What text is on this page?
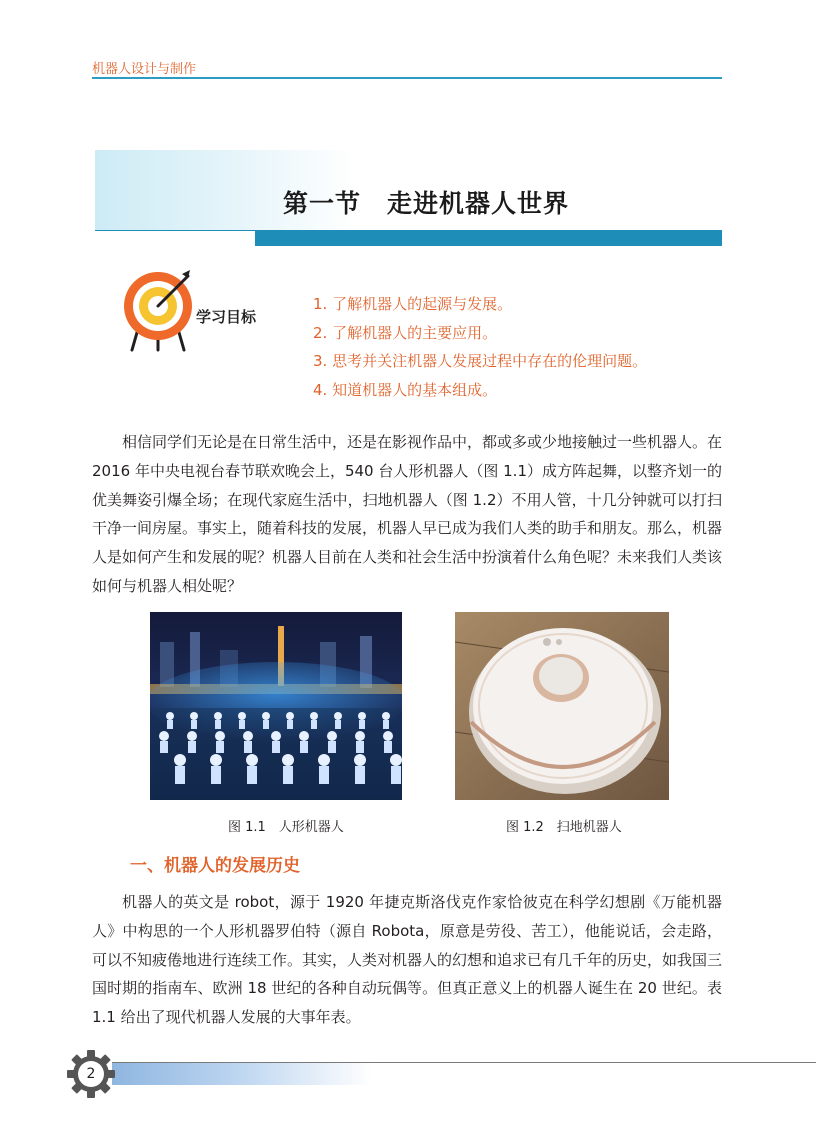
机器人设计与制作
第一节　走进机器人世界
学习目标
1. 了解机器人的起源与发展。
2. 了解机器人的主要应用。
3. 思考并关注机器人发展过程中存在的伦理问题。
4. 知道机器人的基本组成。

相信同学们无论是在日常生活中，还是在影视作品中，都或多或少地接触过一些机器人。在 2016 年中央电视台春节联欢晚会上，540 台人形机器人（图 1.1）成方阵起舞，以整齐划一的优美舞姿引爆全场；在现代家庭生活中，扫地机器人（图 1.2）不用人管，十几分钟就可以打扫干净一间房屋。事实上，随着科技的发展，机器人早已成为我们人类的助手和朋友。那么，机器人是如何产生和发展的呢？机器人目前在人类和社会生活中扮演着什么角色呢？未来我们人类该如何与机器人相处呢？

图 1.1　人形机器人	图 1.2　扫地机器人
一、机器人的发展历史

机器人的英文是 robot，源于 1920 年捷克斯洛伐克作家恰彼克在科学幻想剧《万能机器人》中构思的一个人形机器罗伯特（源自 Robota，原意是劳役、苦工），他能说话，会走路，可以不知疲倦地进行连续工作。其实，人类对机器人的幻想和追求已有几千年的历史，如我国三国时期的指南车、欧洲 18 世纪的各种自动玩偶等。但真正意义上的机器人诞生在 20 世纪。表 1.1 给出了现代机器人发展的大事年表。

2
